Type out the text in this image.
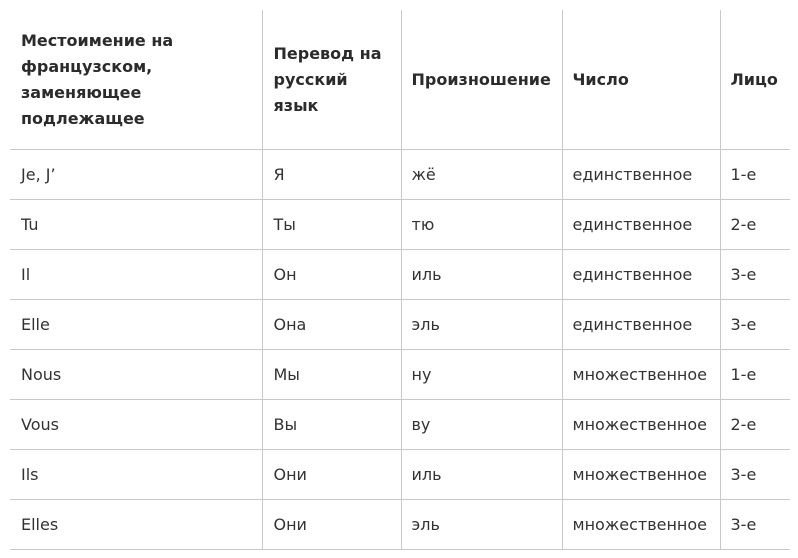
Местоимение на французском, заменяющее подлежащее	Перевод на русский язык	Произношение	Число	Лицо
Je, J’	Я	жё	единственное	1-е
Tu	Ты	тю	единственное	2-е
Il	Он	иль	единственное	3-е
Elle	Она	эль	единственное	3-е
Nous	Мы	ну	множественное	1-е
Vous	Вы	ву	множественное	2-е
Ils	Они	иль	множественное	3-е
Elles	Они	эль	множественное	3-е
